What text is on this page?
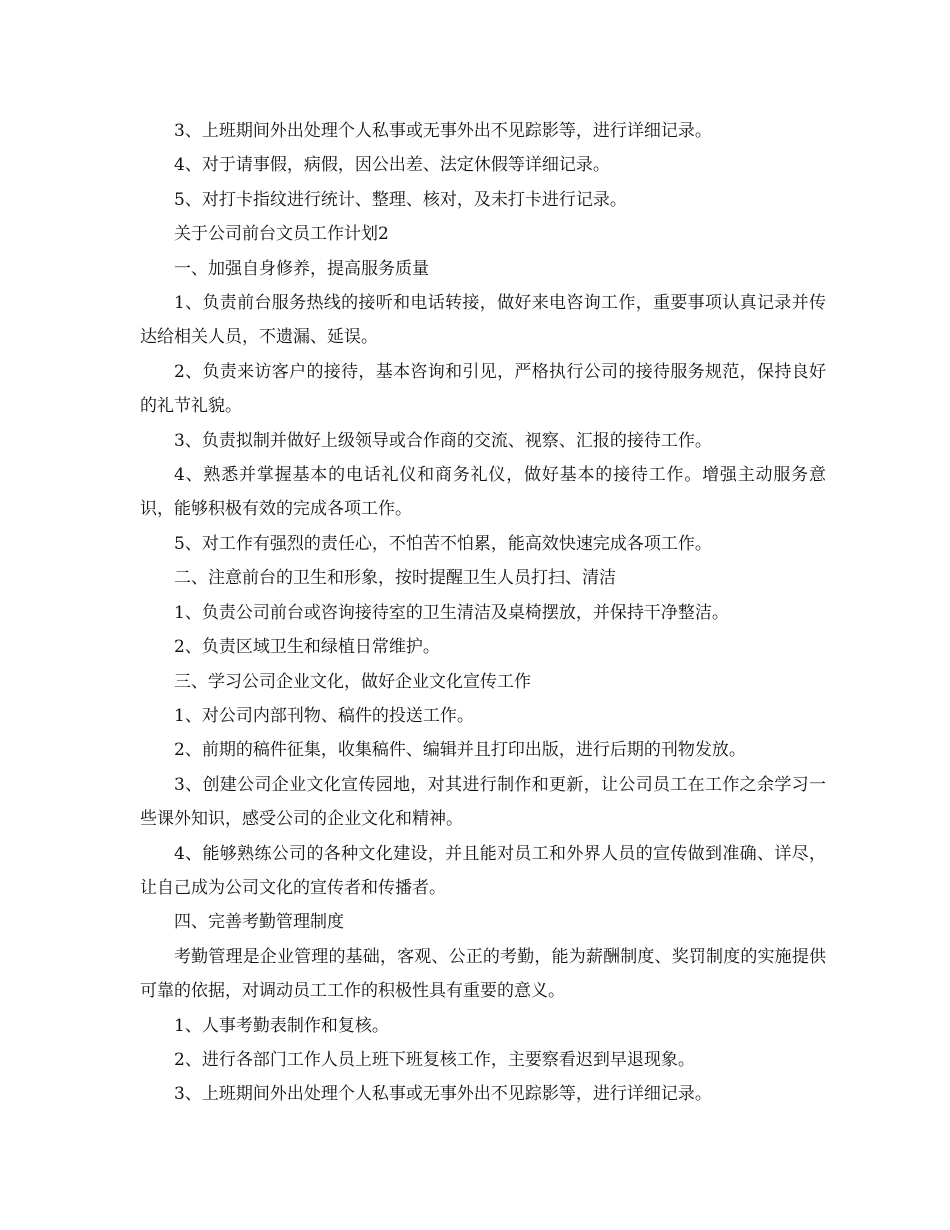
3、上班期间外出处理个人私事或无事外出不见踪影等，进行详细记录。

4、对于请事假，病假，因公出差、法定休假等详细记录。

5、对打卡指纹进行统计、整理、核对，及未打卡进行记录。

关于公司前台文员工作计划2

一、加强自身修养，提高服务质量

1、负责前台服务热线的接听和电话转接，做好来电咨询工作，重要事项认真记录并传达给相关人员，不遗漏、延误。

2、负责来访客户的接待，基本咨询和引见，严格执行公司的接待服务规范，保持良好的礼节礼貌。

3、负责拟制并做好上级领导或合作商的交流、视察、汇报的接待工作。

4、熟悉并掌握基本的电话礼仪和商务礼仪，做好基本的接待工作。增强主动服务意识，能够积极有效的完成各项工作。

5、对工作有强烈的责任心，不怕苦不怕累，能高效快速完成各项工作。

二、注意前台的卫生和形象，按时提醒卫生人员打扫、清洁

1、负责公司前台或咨询接待室的卫生清洁及桌椅摆放，并保持干净整洁。

2、负责区域卫生和绿植日常维护。

三、学习公司企业文化，做好企业文化宣传工作

1、对公司内部刊物、稿件的投送工作。

2、前期的稿件征集，收集稿件、编辑并且打印出版，进行后期的刊物发放。

3、创建公司企业文化宣传园地，对其进行制作和更新，让公司员工在工作之余学习一些课外知识，感受公司的企业文化和精神。

4、能够熟练公司的各种文化建设，并且能对员工和外界人员的宣传做到准确、详尽，让自己成为公司文化的宣传者和传播者。

四、完善考勤管理制度

考勤管理是企业管理的基础，客观、公正的考勤，能为薪酬制度、奖罚制度的实施提供可靠的依据，对调动员工工作的积极性具有重要的意义。

1、人事考勤表制作和复核。

2、进行各部门工作人员上班下班复核工作，主要察看迟到早退现象。

3、上班期间外出处理个人私事或无事外出不见踪影等，进行详细记录。
